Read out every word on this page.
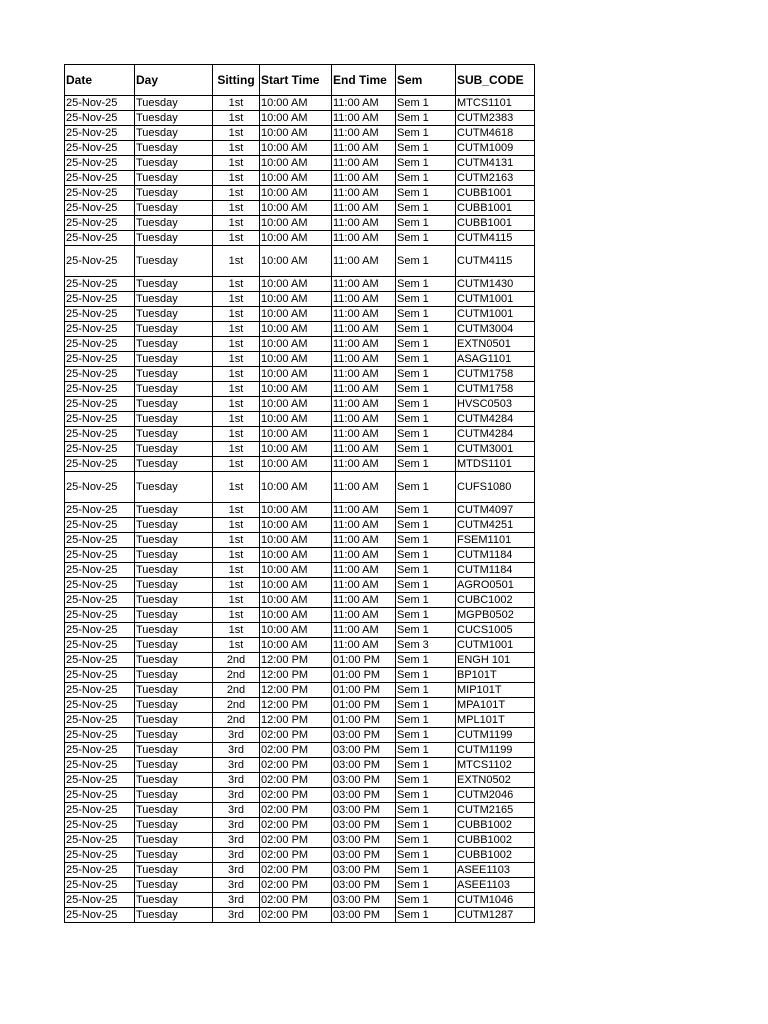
Date	Day	Sitting	Start Time	End Time	Sem	SUB_CODE
25-Nov-25	Tuesday	1st	10:00 AM	11:00 AM	Sem 1	MTCS1101
25-Nov-25	Tuesday	1st	10:00 AM	11:00 AM	Sem 1	CUTM2383
25-Nov-25	Tuesday	1st	10:00 AM	11:00 AM	Sem 1	CUTM4618
25-Nov-25	Tuesday	1st	10:00 AM	11:00 AM	Sem 1	CUTM1009
25-Nov-25	Tuesday	1st	10:00 AM	11:00 AM	Sem 1	CUTM4131
25-Nov-25	Tuesday	1st	10:00 AM	11:00 AM	Sem 1	CUTM2163
25-Nov-25	Tuesday	1st	10:00 AM	11:00 AM	Sem 1	CUBB1001
25-Nov-25	Tuesday	1st	10:00 AM	11:00 AM	Sem 1	CUBB1001
25-Nov-25	Tuesday	1st	10:00 AM	11:00 AM	Sem 1	CUBB1001
25-Nov-25	Tuesday	1st	10:00 AM	11:00 AM	Sem 1	CUTM4115
25-Nov-25	Tuesday	1st	10:00 AM	11:00 AM	Sem 1	CUTM4115
25-Nov-25	Tuesday	1st	10:00 AM	11:00 AM	Sem 1	CUTM1430
25-Nov-25	Tuesday	1st	10:00 AM	11:00 AM	Sem 1	CUTM1001
25-Nov-25	Tuesday	1st	10:00 AM	11:00 AM	Sem 1	CUTM1001
25-Nov-25	Tuesday	1st	10:00 AM	11:00 AM	Sem 1	CUTM3004
25-Nov-25	Tuesday	1st	10:00 AM	11:00 AM	Sem 1	EXTN0501
25-Nov-25	Tuesday	1st	10:00 AM	11:00 AM	Sem 1	ASAG1101
25-Nov-25	Tuesday	1st	10:00 AM	11:00 AM	Sem 1	CUTM1758
25-Nov-25	Tuesday	1st	10:00 AM	11:00 AM	Sem 1	CUTM1758
25-Nov-25	Tuesday	1st	10:00 AM	11:00 AM	Sem 1	HVSC0503
25-Nov-25	Tuesday	1st	10:00 AM	11:00 AM	Sem 1	CUTM4284
25-Nov-25	Tuesday	1st	10:00 AM	11:00 AM	Sem 1	CUTM4284
25-Nov-25	Tuesday	1st	10:00 AM	11:00 AM	Sem 1	CUTM3001
25-Nov-25	Tuesday	1st	10:00 AM	11:00 AM	Sem 1	MTDS1101
25-Nov-25	Tuesday	1st	10:00 AM	11:00 AM	Sem 1	CUFS1080
25-Nov-25	Tuesday	1st	10:00 AM	11:00 AM	Sem 1	CUTM4097
25-Nov-25	Tuesday	1st	10:00 AM	11:00 AM	Sem 1	CUTM4251
25-Nov-25	Tuesday	1st	10:00 AM	11:00 AM	Sem 1	FSEM1101
25-Nov-25	Tuesday	1st	10:00 AM	11:00 AM	Sem 1	CUTM1184
25-Nov-25	Tuesday	1st	10:00 AM	11:00 AM	Sem 1	CUTM1184
25-Nov-25	Tuesday	1st	10:00 AM	11:00 AM	Sem 1	AGRO0501
25-Nov-25	Tuesday	1st	10:00 AM	11:00 AM	Sem 1	CUBC1002
25-Nov-25	Tuesday	1st	10:00 AM	11:00 AM	Sem 1	MGPB0502
25-Nov-25	Tuesday	1st	10:00 AM	11:00 AM	Sem 1	CUCS1005
25-Nov-25	Tuesday	1st	10:00 AM	11:00 AM	Sem 3	CUTM1001
25-Nov-25	Tuesday	2nd	12:00 PM	01:00 PM	Sem 1	ENGH 101
25-Nov-25	Tuesday	2nd	12:00 PM	01:00 PM	Sem 1	BP101T
25-Nov-25	Tuesday	2nd	12:00 PM	01:00 PM	Sem 1	MIP101T
25-Nov-25	Tuesday	2nd	12:00 PM	01:00 PM	Sem 1	MPA101T
25-Nov-25	Tuesday	2nd	12:00 PM	01:00 PM	Sem 1	MPL101T
25-Nov-25	Tuesday	3rd	02:00 PM	03:00 PM	Sem 1	CUTM1199
25-Nov-25	Tuesday	3rd	02:00 PM	03:00 PM	Sem 1	CUTM1199
25-Nov-25	Tuesday	3rd	02:00 PM	03:00 PM	Sem 1	MTCS1102
25-Nov-25	Tuesday	3rd	02:00 PM	03:00 PM	Sem 1	EXTN0502
25-Nov-25	Tuesday	3rd	02:00 PM	03:00 PM	Sem 1	CUTM2046
25-Nov-25	Tuesday	3rd	02:00 PM	03:00 PM	Sem 1	CUTM2165
25-Nov-25	Tuesday	3rd	02:00 PM	03:00 PM	Sem 1	CUBB1002
25-Nov-25	Tuesday	3rd	02:00 PM	03:00 PM	Sem 1	CUBB1002
25-Nov-25	Tuesday	3rd	02:00 PM	03:00 PM	Sem 1	CUBB1002
25-Nov-25	Tuesday	3rd	02:00 PM	03:00 PM	Sem 1	ASEE1103
25-Nov-25	Tuesday	3rd	02:00 PM	03:00 PM	Sem 1	ASEE1103
25-Nov-25	Tuesday	3rd	02:00 PM	03:00 PM	Sem 1	CUTM1046
25-Nov-25	Tuesday	3rd	02:00 PM	03:00 PM	Sem 1	CUTM1287
